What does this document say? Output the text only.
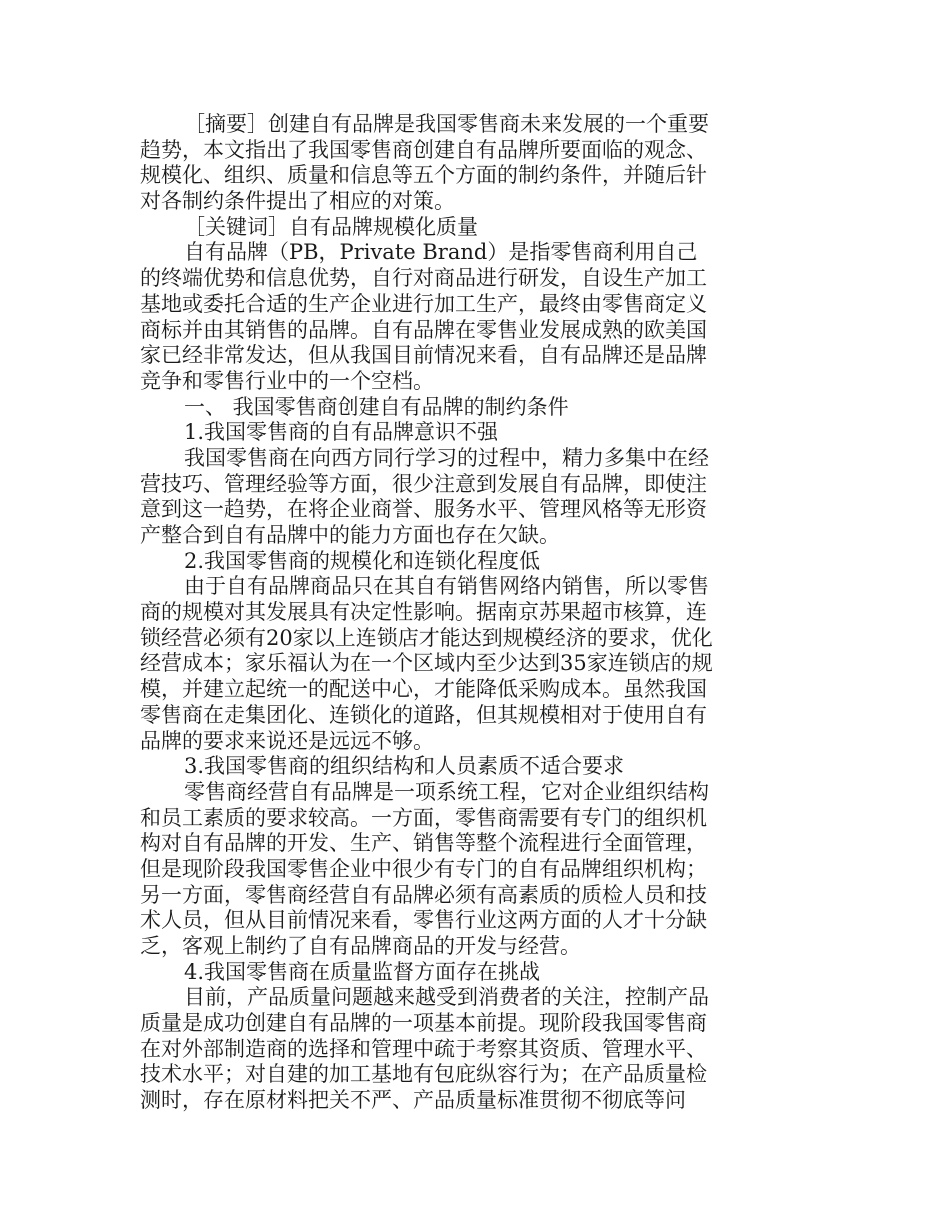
［摘要］创建自有品牌是我国零售商未来发展的一个重要
趋势，本文指出了我国零售商创建自有品牌所要面临的观念、
规模化、组织、质量和信息等五个方面的制约条件，并随后针
对各制约条件提出了相应的对策。
［关键词］自有品牌规模化质量
自有品牌（PB，Private Brand）是指零售商利用自己
的终端优势和信息优势，自行对商品进行研发，自设生产加工
基地或委托合适的生产企业进行加工生产，最终由零售商定义
商标并由其销售的品牌。自有品牌在零售业发展成熟的欧美国
家已经非常发达，但从我国目前情况来看，自有品牌还是品牌
竞争和零售行业中的一个空档。
一、 我国零售商创建自有品牌的制约条件
1.我国零售商的自有品牌意识不强
我国零售商在向西方同行学习的过程中，精力多集中在经
营技巧、管理经验等方面，很少注意到发展自有品牌，即使注
意到这一趋势，在将企业商誉、服务水平、管理风格等无形资
产整合到自有品牌中的能力方面也存在欠缺。
2.我国零售商的规模化和连锁化程度低
由于自有品牌商品只在其自有销售网络内销售，所以零售
商的规模对其发展具有决定性影响。据南京苏果超市核算，连
锁经营必须有20家以上连锁店才能达到规模经济的要求，优化
经营成本；家乐福认为在一个区域内至少达到35家连锁店的规
模，并建立起统一的配送中心，才能降低采购成本。虽然我国
零售商在走集团化、连锁化的道路，但其规模相对于使用自有
品牌的要求来说还是远远不够。
3.我国零售商的组织结构和人员素质不适合要求
零售商经营自有品牌是一项系统工程，它对企业组织结构
和员工素质的要求较高。一方面，零售商需要有专门的组织机
构对自有品牌的开发、生产、销售等整个流程进行全面管理，
但是现阶段我国零售企业中很少有专门的自有品牌组织机构；
另一方面，零售商经营自有品牌必须有高素质的质检人员和技
术人员，但从目前情况来看，零售行业这两方面的人才十分缺
乏，客观上制约了自有品牌商品的开发与经营。
4.我国零售商在质量监督方面存在挑战
目前，产品质量问题越来越受到消费者的关注，控制产品
质量是成功创建自有品牌的一项基本前提。现阶段我国零售商
在对外部制造商的选择和管理中疏于考察其资质、管理水平、
技术水平；对自建的加工基地有包庇纵容行为；在产品质量检
测时，存在原材料把关不严、产品质量标准贯彻不彻底等问
